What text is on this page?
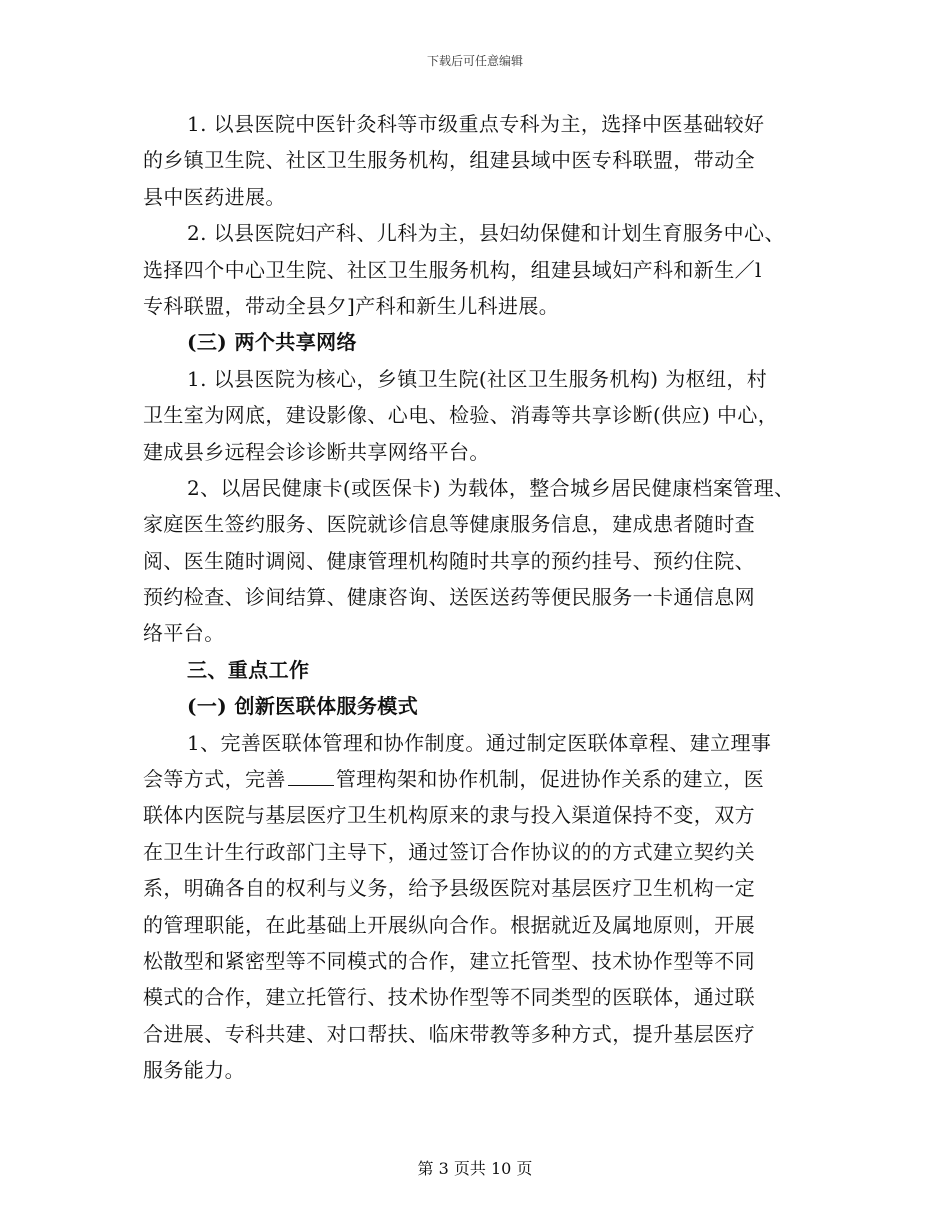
下载后可任意编辑
1. 以县医院中医针灸科等市级重点专科为主，选择中医基础较好
的乡镇卫生院、社区卫生服务机构，组建县域中医专科联盟，带动全
县中医药进展。
2. 以县医院妇产科、儿科为主，县妇幼保健和计划生育服务中心、
选择四个中心卫生院、社区卫生服务机构，组建县域妇产科和新生／l
专科联盟，带动全县夕]产科和新生儿科进展。
(三) 两个共享网络
1. 以县医院为核心，乡镇卫生院(社区卫生服务机构) 为枢纽，村
卫生室为网底，建设影像、心电、检验、消毒等共享诊断(供应) 中心，
建成县乡远程会诊诊断共享网络平台。
2、以居民健康卡(或医保卡) 为载体，整合城乡居民健康档案管理、
家庭医生签约服务、医院就诊信息等健康服务信息，建成患者随时查
阅、医生随时调阅、健康管理机构随时共享的预约挂号、预约住院、
预约检查、诊间结算、健康咨询、送医送药等便民服务一卡通信息网
络平台。
三、重点工作
(一) 创新医联体服务模式
1、完善医联体管理和协作制度。通过制定医联体章程、建立理事
会等方式，完善	管理构架和协作机制，促进协作关系的建立，医
联体内医院与基层医疗卫生机构原来的隶与投入渠道保持不变，双方
在卫生计生行政部门主导下，通过签订合作协议的的方式建立契约关
系，明确各自的权利与义务，给予县级医院对基层医疗卫生机构一定
的管理职能，在此基础上开展纵向合作。根据就近及属地原则，开展
松散型和紧密型等不同模式的合作，建立托管型、技术协作型等不同
模式的合作，建立托管行、技术协作型等不同类型的医联体，通过联
合进展、专科共建、对口帮扶、临床带教等多种方式，提升基层医疗
服务能力。
第 3 页共 10 页
